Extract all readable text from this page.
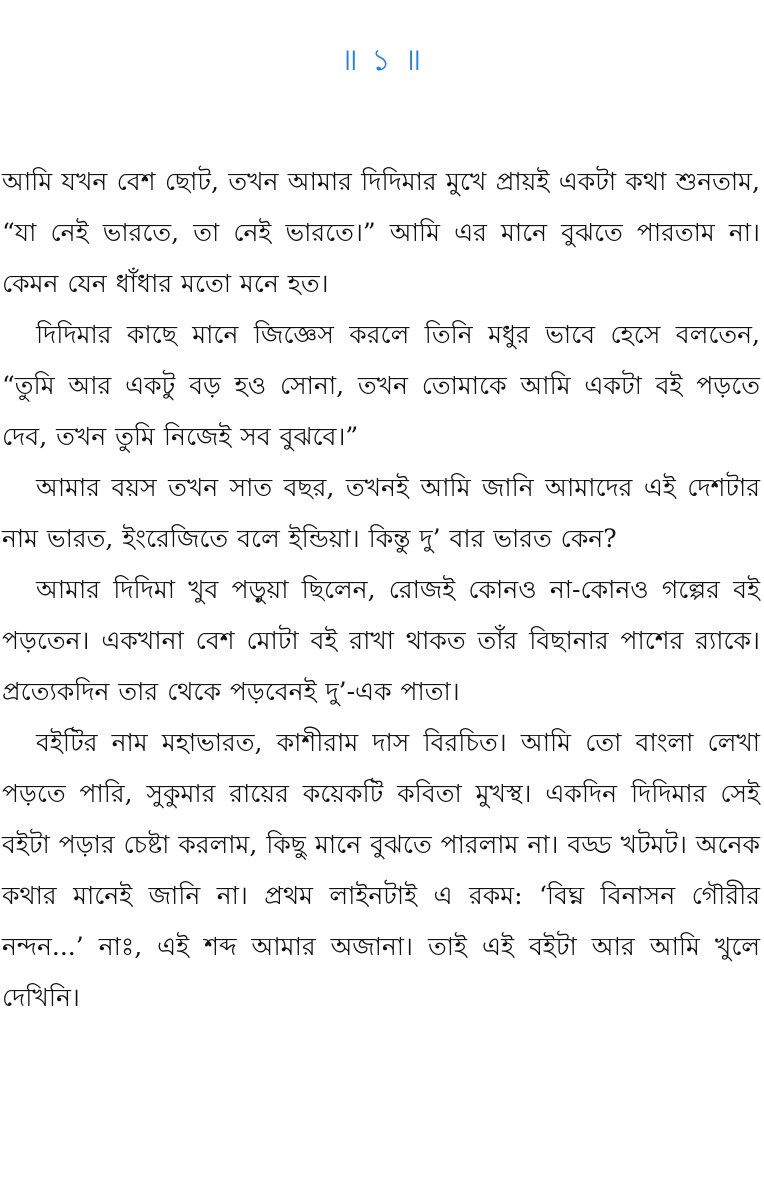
॥ ১ ॥

আমি যখন বেশ ছোট, তখন আমার দিদিমার মুখে প্রায়ই একটা কথা শুনতাম, “যা নেই ভারতে, তা নেই ভারতে।” আমি এর মানে বুঝতে পারতাম না। কেমন যেন ধাঁধার মতো মনে হত।

দিদিমার কাছে মানে জিজ্ঞেস করলে তিনি মধুর ভাবে হেসে বলতেন, “তুমি আর একটু বড় হও সোনা, তখন তোমাকে আমি একটা বই পড়তে দেব, তখন তুমি নিজেই সব বুঝবে।”

আমার বয়স তখন সাত বছর, তখনই আমি জানি আমাদের এই দেশটার নাম ভারত, ইংরেজিতে বলে ইন্ডিয়া। কিন্তু দু’ বার ভারত কেন?

আমার দিদিমা খুব পড়ুয়া ছিলেন, রোজই কোনও না-কোনও গল্পের বই পড়তেন। একখানা বেশ মোটা বই রাখা থাকত তাঁর বিছানার পাশের র‍্যাকে। প্রত্যেকদিন তার থেকে পড়বেনই দু’-এক পাতা।

বইটির নাম মহাভারত, কাশীরাম দাস বিরচিত। আমি তো বাংলা লেখা পড়তে পারি, সুকুমার রায়ের কয়েকটি কবিতা মুখস্থ। একদিন দিদিমার সেই বইটা পড়ার চেষ্টা করলাম, কিছু মানে বুঝতে পারলাম না। বড্ড খটমট। অনেক কথার মানেই জানি না। প্রথম লাইনটাই এ রকম: ‘বিঘ্ন বিনাসন গৌরীর নন্দন...’ নাঃ, এই শব্দ আমার অজানা। তাই এই বইটা আর আমি খুলে দেখিনি।
